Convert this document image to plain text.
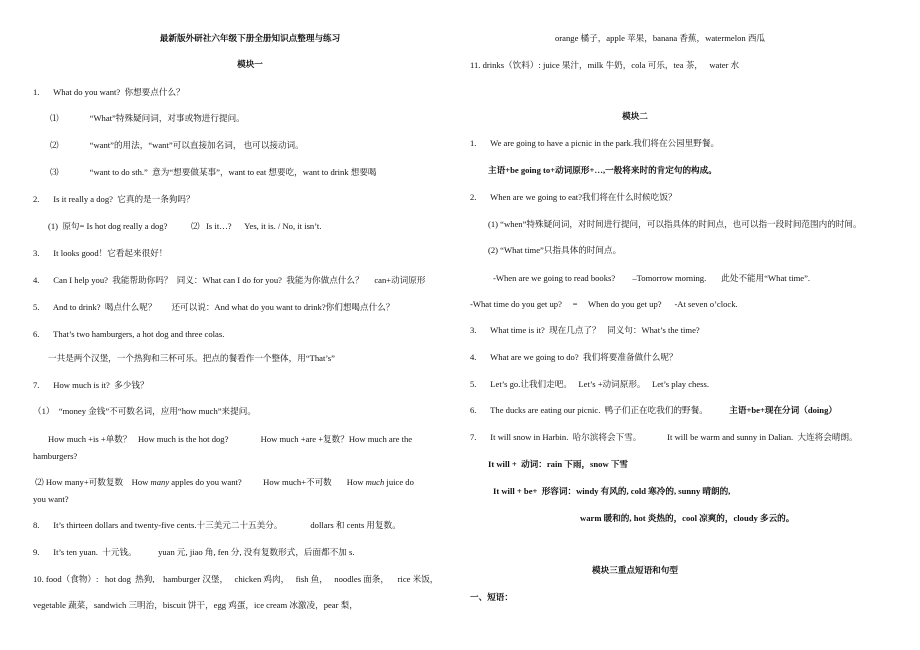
最新版外研社六年级下册全册知识点整理与练习
模块一
1.  What do you want?  你想要点什么？
⑴           “What”特殊疑问词，对事或物进行提问。
⑵           “want”的用法，“want”可以直接加名词， 也可以接动词。
⑶           “want to do sth.”  意为“想要做某事”，want to eat 想要吃，want to drink 想要喝
2.  Is it really a dog?  它真的是一条狗吗？
(1)  原句= Is hot dog really a dog?           ⑵   Is it…?      Yes, it is. / No, it isn’t.
3.  It looks good！它看起来很好！
4.  Can I help you?  我能帮助你吗？  同义：What can I do for you?  我能为你做点什么？     can+动词原形
5.  And to drink?  喝点什么呢？       还可以说：And what do you want to drink?你们想喝点什么？
6.  That’s two hamburgers, a hot dog and three colas.
一共是两个汉堡，一个热狗和三杯可乐。把点的餐看作一个整体，用“That’s”
7.  How much is it?  多少钱？
（1）  “money 金钱”不可数名词，应用“how much”来提问。
How much +is +单数？   How much is the hot dog?               How much +are +复数？How much are the
hamburgers?
⑵ How many+可数复数    How many apples do you want?          How much+不可数       How much juice do
you want?
8.  It’s thirteen dollars and twenty-five cents.十三美元二十五美分。             dollars 和 cents 用复数。
9.  It’s ten yuan.  十元钱。          yuan 元, jiao 角, fen 分, 没有复数形式，后面都不加 s.
10. food（食物）:   hot dog  热狗,    hamburger 汉堡，   chicken 鸡肉，   fish 鱼，   noodles 面条，    rice 米饭，
vegetable 蔬菜，sandwich 三明治，biscuit 饼干，egg 鸡蛋，ice cream 冰激凌，pear 梨，
orange 橘子，apple 苹果，banana 香蕉，watermelon 西瓜
11. drinks（饮料）: juice 果汁，milk 牛奶，cola 可乐，tea 茶，   water 水
模块二
1.  We are going to have a picnic in the park.我们将在公园里野餐。
主语+be going to+动词原形+…,一般将来时的肯定句的构成。
2.  When are we going to eat?我们将在什么时候吃饭？
(1) “when”特殊疑问词，对时间进行提问，可以指具体的时间点，也可以指一段时间范围内的时间。
(2) “What time”只指具体的时间点。
-When are we going to read books?        –Tomorrow morning.       此处不能用“What time”.
-What time do you get up?     =     When do you get up?      -At seven o’clock.
3.  What time is it?  现在几点了？   同义句：What’s the time?
4.  What are we going to do?  我们将要准备做什么呢？
5.  Let’s go.让我们走吧。   Let’s +动词原形。   Let’s play chess.
6.  The ducks are eating our picnic.  鸭子们正在吃我们的野餐。          主语+be+现在分词（doing）
7.  It will snow in Harbin.  哈尔滨将会下雪。            It will be warm and sunny in Dalian.  大连将会晴朗。
It will +  动词：rain 下雨，snow 下雪
It will + be+  形容词：windy 有风的, cold 寒冷的, sunny 晴朗的,
warm 暖和的, hot 炎热的，cool 凉爽的，cloudy 多云的。
模块三重点短语和句型
一、短语：
